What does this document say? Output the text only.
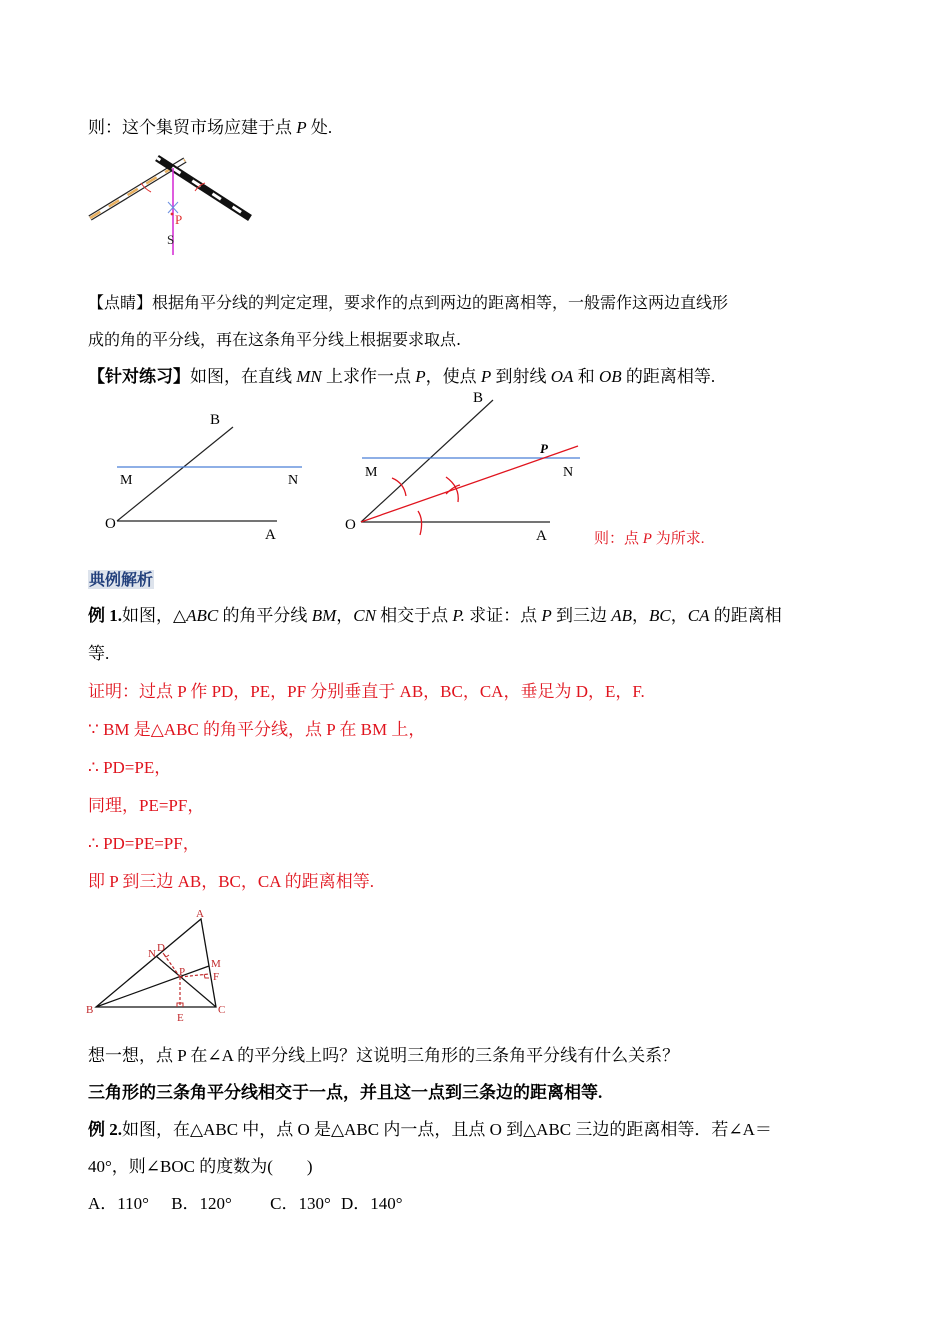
则：这个集贸市场应建于点 P 处.
P
S
【点睛】根据角平分线的判定定理，要求作的点到两边的距离相等，一般需作这两边直线形
成的角的平分线，再在这条角平分线上根据要求取点.
【针对练习】如图，在直线 MN 上求作一点 P，使点 P 到射线 OA 和 OB 的距离相等.
B
M	N
O
A
B
P
M	N
O
A	则：点 P 为所求.
典例解析
例 1.如图，△ABC 的角平分线 BM，CN 相交于点 P. 求证：点 P 到三边 AB，BC，CA 的距离相
等.
证明：过点 P 作 PD，PE，PF 分别垂直于 AB，BC，CA，垂足为 D，E，F.
∵ BM 是△ABC 的角平分线，点 P 在 BM 上，
∴ PD=PE，
同理，PE=PF，
∴ PD=PE=PF，
即 P 到三边 AB，BC，CA 的距离相等.
A
B	C
D
E
F
M
N
P
想一想，点 P 在∠A 的平分线上吗？这说明三角形的三条角平分线有什么关系？
三角形的三条角平分线相交于一点，并且这一点到三条边的距离相等.
例 2.如图，在△ABC 中，点 O 是△ABC 内一点，且点 O 到△ABC 三边的距离相等．若∠A＝
40°，则∠BOC 的度数为(　　)
A．110° B．120° C．130° D．140°
